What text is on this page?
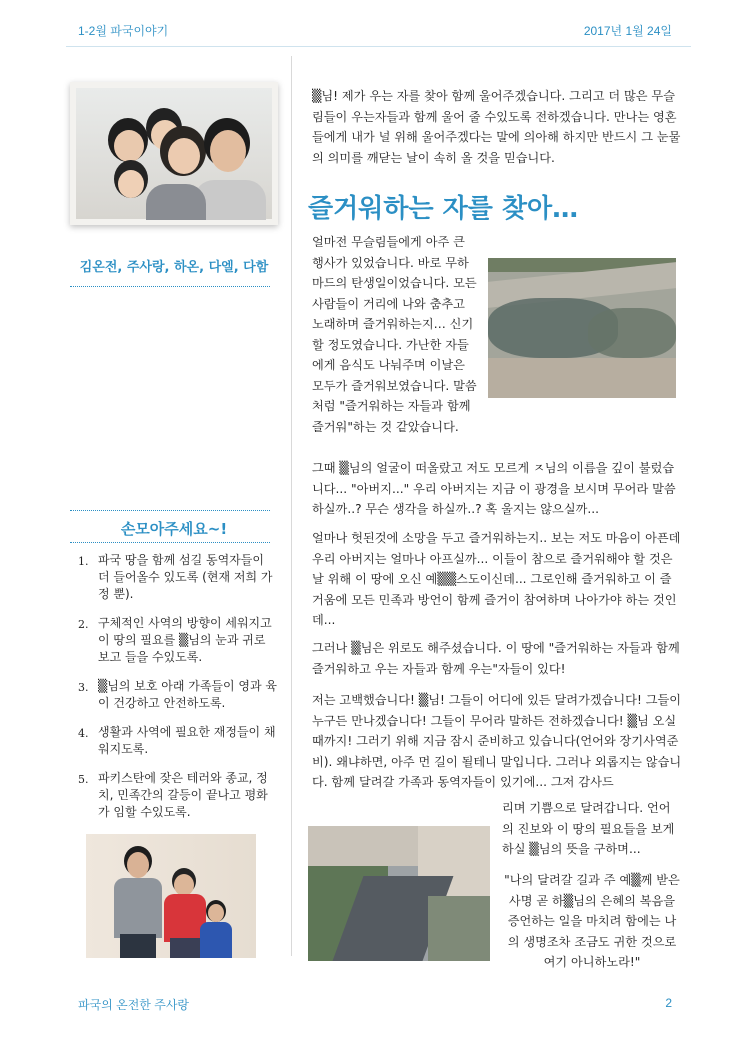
1-2월 파국이야기	2017년 1월 24일
김온전, 주사랑, 하온, 다엘, 다함
손모아주세요~!
1. 파국 땅을 함께 섬길 동역자들이 더 들어올수 있도록 (현재 저희 가정 뿐).
2. 구체적인 사역의 방향이 세워지고 이 땅의 필요를 ▒님의 눈과 귀로 보고 들을 수있도록.
3. ▒님의 보호 아래 가족들이 영과 육이 건강하고 안전하도록.
4. 생활과 사역에 필요한 재정들이 채워지도록.
5. 파키스탄에 잦은 테러와 종교, 정치, 민족간의 갈등이 끝나고 평화가 임할 수있도록.

▒님! 제가 우는 자를 찾아 함께 울어주겠습니다. 그리고 더 많은 무슬림들이 우는자들과 함께 울어 줄 수있도록 전하겠습니다. 만나는 영혼들에게 내가 널 위해 울어주겠다는 말에 의아해 하지만 반드시 그 눈물의 의미를 깨닫는 날이 속히 올 것을 믿습니다.

즐거워하는 자를 찾아…

얼마전 무슬림들에게 아주 큰 행사가 있었습니다. 바로 무하마드의 탄생일이었습니다. 모든 사람들이 거리에 나와 춤추고 노래하며 즐거워하는지… 신기할 정도였습니다. 가난한 자들에게 음식도 나눠주며 이날은 모두가 즐거워보였습니다. 말씀처럼 "즐거워하는 자들과 함께 즐거워"하는 것 같았습니다.

그때 ▒님의 얼굴이 떠올랐고 저도 모르게 ㅈ님의 이름을 깊이 불렀습니다... "아버지..." 우리 아버지는 지금 이 광경을 보시며 무어라 말씀하실까..? 무슨 생각을 하실까..? 혹 울지는 않으실까...

얼마나 헛된것에 소망을 두고 즐거워하는지.. 보는 저도 마음이 아픈데 우리 아버지는 얼마나 아프실까... 이들이 참으로 즐거워해야 할 것은 날 위해 이 땅에 오신 예▒▒스도이신데... 그로인해 즐거워하고 이 즐거움에 모든 민족과 방언이 함께 즐거이 참여하며 나아가야 하는 것인데...

그러나 ▒님은 위로도 해주셨습니다. 이 땅에 "즐거워하는 자들과 함께 즐거워하고 우는 자들과 함께 우는"자들이 있다!

저는 고백했습니다! ▒님! 그들이 어디에 있든 달려가겠습니다! 그들이 누구든 만나겠습니다! 그들이 무어라 말하든 전하겠습니다! ▒님 오실 때까지! 그러기 위해 지금 잠시 준비하고 있습니다(언어와 장기사역준비). 왜냐하면, 아주 먼 길이 될테니 말입니다. 그러나 외롭지는 않습니다. 함께 달려갈 가족과 동역자들이 있기에... 그저 감사드

리며 기쁨으로 달려갑니다. 언어의 진보와 이 땅의 필요들을 보게하실 ▒님의 뜻을 구하며...

"나의 달려갈 길과 주 예▒께 받은 사명 곧 하▒님의 은혜의 복음을 증언하는 일을 마치려 함에는 나의 생명조차 조금도 귀한 것으로 여기 아니하노라!"

파국의 온전한 주사랑	2
